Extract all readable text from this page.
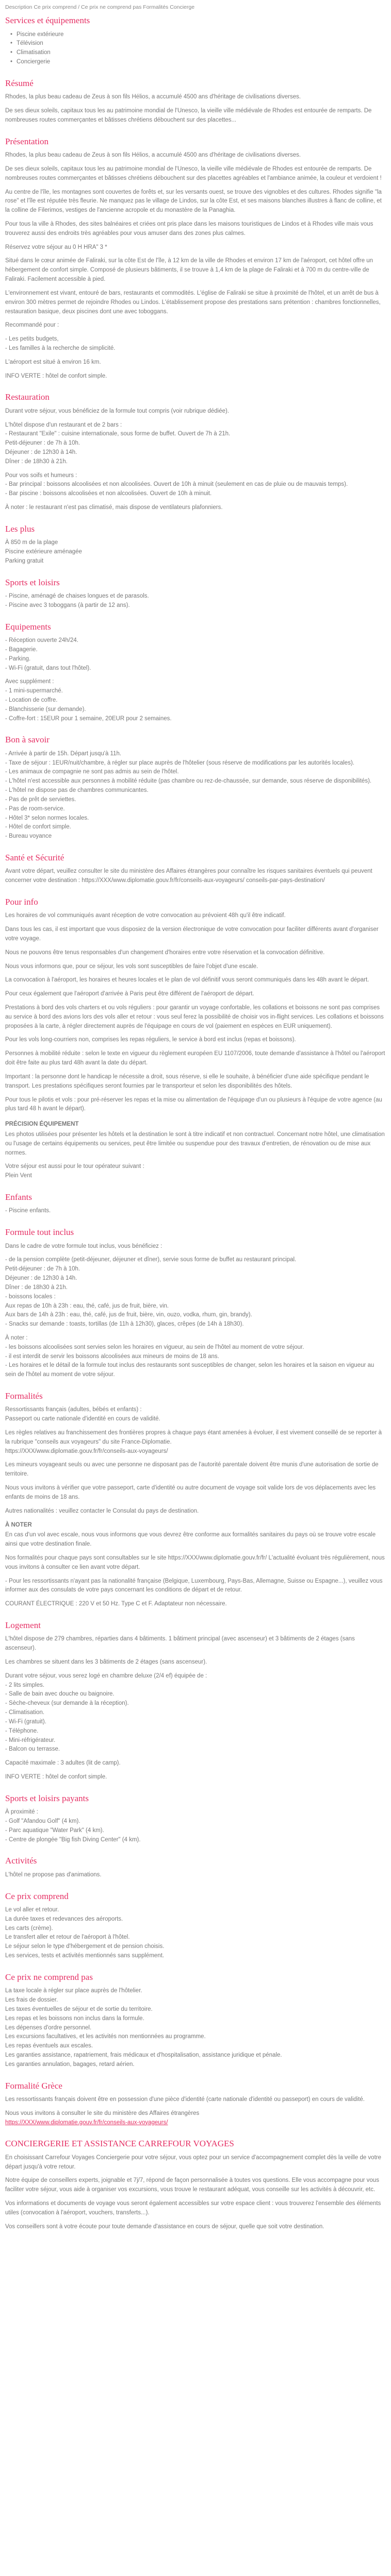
Description Ce prix comprend / Ce prix ne comprend pas Formalités Concierge
Services et équipements
• Piscine extérieure
• Télévision
• Climatisation
• Conciergerie
Résumé

Rhodes, la plus beau cadeau de Zeus à son fils Hélios, a accumulé 4500 ans d'héritage de civilisations diverses.

De ses dieux soleils, capitaux tous les au patrimoine mondial de l'Unesco, la vieille ville médiévale de Rhodes est entourée de remparts. De nombreuses routes commerçantes et bâtisses chrétiens débouchent sur des placettes...

Présentation

Rhodes, la plus beau cadeau de Zeus à son fils Hélios, a accumulé 4500 ans d'héritage de civilisations diverses.

De ses dieux soleils, capitaux tous les au patrimoine mondial de l'Unesco, la vieille ville médiévale de Rhodes est entourée de remparts. De nombreuses routes commerçantes et bâtisses chrétiens débouchent sur des placettes agréables et l'ambiance animée, la couleur et verdoient !

Au centre de l'île, les montagnes sont couvertes de forêts et, sur les versants ouest, se trouve des vignobles et des cultures. Rhodes signifie "la rose" et l'île est réputée très fleurie. Ne manquez pas le village de Lindos, sur la côte Est, et ses maisons blanches illustres à flanc de colline, et la colline de Filerimos, vestiges de l'ancienne acropole et du monastère de la Panaghia.

Pour tous la ville à Rhodes, des sites balnéaires et criées ont pris place dans les maisons touristiques de Lindos et à Rhodes ville mais vous trouverez aussi des endroits très agréables pour vous amuser dans des zones plus calmes.

Réservez votre séjour au 0 H HRA" 3 *

Situé dans le cœur animée de Faliraki, sur la côte Est de l'île, à 12 km de la ville de Rhodes et environ 17 km de l'aéroport, cet hôtel offre un hébergement de confort simple. Composé de plusieurs bâtiments, il se trouve à 1,4 km de la plage de Faliraki et à 700 m du centre-ville de Faliraki. Facilement accessible à pied.

L'environnement est vivant, entouré de bars, restaurants et commodités. L'église de Faliraki se situe à proximité de l'hôtel, et un arrêt de bus à environ 300 mètres permet de rejoindre Rhodes ou Lindos. L'établissement propose des prestations sans prétention : chambres fonctionnelles, restauration basique, deux piscines dont une avec toboggans.

Recommandé pour :

- Les petits budgets,

- Les familles à la recherche de simplicité.

L'aéroport est situé à environ 16 km.

INFO VERTE : hôtel de confort simple.

Restauration

Durant votre séjour, vous bénéficiez de la formule tout compris (voir rubrique dédiée).

L'hôtel dispose d'un restaurant et de 2 bars :

- Restaurant "Exile" : cuisine internationale, sous forme de buffet. Ouvert de 7h à 21h.

Petit-déjeuner : de 7h à 10h.

Déjeuner : de 12h30 à 14h.

Dîner : de 18h30 à 21h.

Pour vos soifs et humeurs :

- Bar principal : boissons alcoolisées et non alcoolisées. Ouvert de 10h à minuit (seulement en cas de pluie ou de mauvais temps).

- Bar piscine : boissons alcoolisées et non alcoolisées. Ouvert de 10h à minuit.

À noter : le restaurant n'est pas climatisé, mais dispose de ventilateurs plafonniers.

Les plus

À 850 m de la plage

Piscine extérieure aménagée

Parking gratuit

Sports et loisirs

- Piscine, aménagé de chaises longues et de parasols.

- Piscine avec 3 toboggans (à partir de 12 ans).

Equipements

- Réception ouverte 24h/24.

- Bagagerie.

- Parking.

- Wi-Fi (gratuit, dans tout l'hôtel).

Avec supplément :

- 1 mini-supermarché.

- Location de coffre.

- Blanchisserie (sur demande).

- Coffre-fort : 15EUR pour 1 semaine, 20EUR pour 2 semaines.

Bon à savoir

- Arrivée à partir de 15h. Départ jusqu'à 11h.

- Taxe de séjour : 1EUR/nuit/chambre, à régler sur place auprès de l'hôtelier (sous réserve de modifications par les autorités locales).

- Les animaux de compagnie ne sont pas admis au sein de l'hôtel.

- L'hôtel n'est accessible aux personnes à mobilité réduite (pas chambre ou rez-de-chaussée, sur demande, sous réserve de disponibilités).

- L'hôtel ne dispose pas de chambres communicantes.

- Pas de prêt de serviettes.

- Pas de room-service.

- Hôtel 3* selon normes locales.

- Hôtel de confort simple.

- Bureau voyance

Santé et Sécurité

Avant votre départ, veuillez consulter le site du ministère des Affaires étrangères pour connaître les risques sanitaires éventuels qui peuvent concerner votre destination : https://XXX/www.diplomatie.gouv.fr/fr/conseils-aux-voyageurs/ conseils-par-pays-destination/

Pour info

Les horaires de vol communiqués avant réception de votre convocation au prévoient 48h qu'il être indicatif.

Dans tous les cas, il est important que vous disposiez de la version électronique de votre convocation pour faciliter différents avant d'organiser votre voyage.

Nous ne pouvons être tenus responsables d'un changement d'horaires entre votre réservation et la convocation définitive.

Nous vous informons que, pour ce séjour, les vols sont susceptibles de faire l'objet d'une escale.

La convocation à l'aéroport, les horaires et heures locales et le plan de vol définitif vous seront communiqués dans les 48h avant le départ.

Pour ceux également que l'aéroport d'arrivée à Paris peut être différent de l'aéroport de départ.

Prestations à bord des vols charters et ou vols réguliers : pour garantir un voyage confortable, les collations et boissons ne sont pas comprises au service à bord des avions lors des vols aller et retour : vous seul ferez la possibilité de choisir vos in-flight services. Les collations et boissons proposées à la carte, à régler directement auprès de l'équipage en cours de vol (paiement en espèces en EUR uniquement).

Pour les vols long-courriers non, comprises les repas réguliers, le service à bord est inclus (repas et boissons).

Personnes à mobilité réduite : selon le texte en vigueur du règlement européen EU 1107/2006, toute demande d'assistance à l'hôtel ou l'aéroport doit être faite au plus tard 48h avant la date du départ.

Important : la personne dont le handicap le nécessite a droit, sous réserve, si elle le souhaite, à bénéficier d'une aide spécifique pendant le transport. Les prestations spécifiques seront fournies par le transporteur et selon les disponibilités des hôtels.

Pour tous le pilotis et vols : pour pré-réserver les repas et la mise ou alimentation de l'équipage d'un ou plusieurs à l'équipe de votre agence (au plus tard 48 h avant le départ).

PRÉCISION ÉQUIPEMENT

Les photos utilisées pour présenter les hôtels et la destination le sont à titre indicatif et non contractuel. Concernant notre hôtel, une climatisation ou l'usage de certains équipements ou services, peut être limitée ou suspendue pour des travaux d'entretien, de rénovation ou de mise aux normes.

Votre séjour est aussi pour le tour opérateur suivant :

Plein Vent

Enfants

- Piscine enfants.

Formule tout inclus

Dans le cadre de votre formule tout inclus, vous bénéficiez :

- de la pension complète (petit-déjeuner, déjeuner et dîner), servie sous forme de buffet au restaurant principal.

Petit-déjeuner : de 7h à 10h.

Déjeuner : de 12h30 à 14h.

Dîner : de 18h30 à 21h.

- boissons locales :

Aux repas de 10h à 23h : eau, thé, café, jus de fruit, bière, vin.

Aux bars de 14h à 23h : eau, thé, café, jus de fruit, bière, vin, ouzo, vodka, rhum, gin, brandy).

- Snacks sur demande : toasts, tortillas (de 11h à 12h30), glaces, crêpes (de 14h à 18h30).

À noter :

- les boissons alcoolisées sont servies selon les horaires en vigueur, au sein de l'hôtel au moment de votre séjour.

- il est interdit de servir les boissons alcoolisées aux mineurs de moins de 18 ans.

- Les horaires et le détail de la formule tout inclus des restaurants sont susceptibles de changer, selon les horaires et la saison en vigueur au sein de l'hôtel au moment de votre séjour.

Formalités

Ressortissants français (adultes, bébés et enfants) :

Passeport ou carte nationale d'identité en cours de validité.

Les règles relatives au franchissement des frontières propres à chaque pays étant amenées à évoluer, il est vivement conseillé de se reporter à la rubrique "conseils aux voyageurs" du site France-Diplomatie.

https://XXX/www.diplomatie.gouv.fr/fr/conseils-aux-voyageurs/

Les mineurs voyageant seuls ou avec une personne ne disposant pas de l'autorité parentale doivent être munis d'une autorisation de sortie de territoire.

Nous vous invitons à vérifier que votre passeport, carte d'identité ou autre document de voyage soit valide lors de vos déplacements avec les enfants de moins de 18 ans.

Autres nationalités : veuillez contacter le Consulat du pays de destination.

À NOTER

En cas d'un vol avec escale, nous vous informons que vous devrez être conforme aux formalités sanitaires du pays où se trouve votre escale ainsi que votre destination finale.

Nos formalités pour chaque pays sont consultables sur le site https://XXX/www.diplomatie.gouv.fr/fr/ L'actualité évoluant très régulièrement, nous vous invitons à consulter ce lien avant votre départ.

- Pour les ressortissants n'ayant pas la nationalité française (Belgique, Luxembourg, Pays-Bas, Allemagne, Suisse ou Espagne...), veuillez vous informer aux des consulats de votre pays concernant les conditions de départ et de retour.

COURANT ÉLECTRIQUE : 220 V et 50 Hz. Type C et F. Adaptateur non nécessaire.

Logement

L'hôtel dispose de 279 chambres, réparties dans 4 bâtiments. 1 bâtiment principal (avec ascenseur) et 3 bâtiments de 2 étages (sans ascenseur).

Les chambres se situent dans les 3 bâtiments de 2 étages (sans ascenseur).

Durant votre séjour, vous serez logé en chambre deluxe (2/4 ef) équipée de :

- 2 lits simples.

- Salle de bain avec douche ou baignoire.

- Sèche-cheveux (sur demande à la réception).

- Climatisation.

- Wi-Fi (gratuit).

- Téléphone.

- Mini-réfrigérateur.

- Balcon ou terrasse.

Capacité maximale : 3 adultes (lit de camp).

INFO VERTE : hôtel de confort simple.

Sports et loisirs payants

À proximité :

- Golf "Afandou Golf" (4 km).

- Parc aquatique "Water Park" (4 km).

- Centre de plongée "Big fish Diving Center" (4 km).

Activités

L'hôtel ne propose pas d'animations.

Ce prix comprend

Le vol aller et retour.

La durée taxes et redevances des aéroports.

Les carts (crème).

Le transfert aller et retour de l'aéroport à l'hôtel.

Le séjour selon le type d'hébergement et de pension choisis.

Les services, tests et activités mentionnés sans supplément.

Ce prix ne comprend pas

La taxe locale à régler sur place auprès de l'hôtelier.

Les frais de dossier.

Les taxes éventuelles de séjour et de sortie du territoire.

Les repas et les boissons non inclus dans la formule.

Les dépenses d'ordre personnel.

Les excursions facultatives, et les activités non mentionnées au programme.

Les repas éventuels aux escales.

Les garanties assistance, rapatriement, frais médicaux et d'hospitalisation, assistance juridique et pénale.

Les garanties annulation, bagages, retard aérien.

Formalité Grèce

Les ressortissants français doivent être en possession d'une pièce d'identité (carte nationale d'identité ou passeport) en cours de validité.

Nous vous invitons à consulter le site du ministère des Affaires étrangères

https://XXX/www.diplomatie.gouv.fr/fr/conseils-aux-voyageurs/

CONCIERGERIE ET ASSISTANCE CARREFOUR VOYAGES

En choisissant Carrefour Voyages Conciergerie pour votre séjour, vous optez pour un service d'accompagnement complet dès la veille de votre départ jusqu'à votre retour.

Notre équipe de conseillers experts, joignable et 7j/7, répond de façon personnalisée à toutes vos questions. Elle vous accompagne pour vous faciliter votre séjour, vous aide à organiser vos excursions, vous trouve le restaurant adéquat, vous conseille sur les activités à découvrir, etc.

Vos informations et documents de voyage vous seront également accessibles sur votre espace client : vous trouverez l'ensemble des éléments utiles (convocation à l'aéroport, vouchers, transferts...).

Vos conseillers sont à votre écoute pour toute demande d'assistance en cours de séjour, quelle que soit votre destination.
